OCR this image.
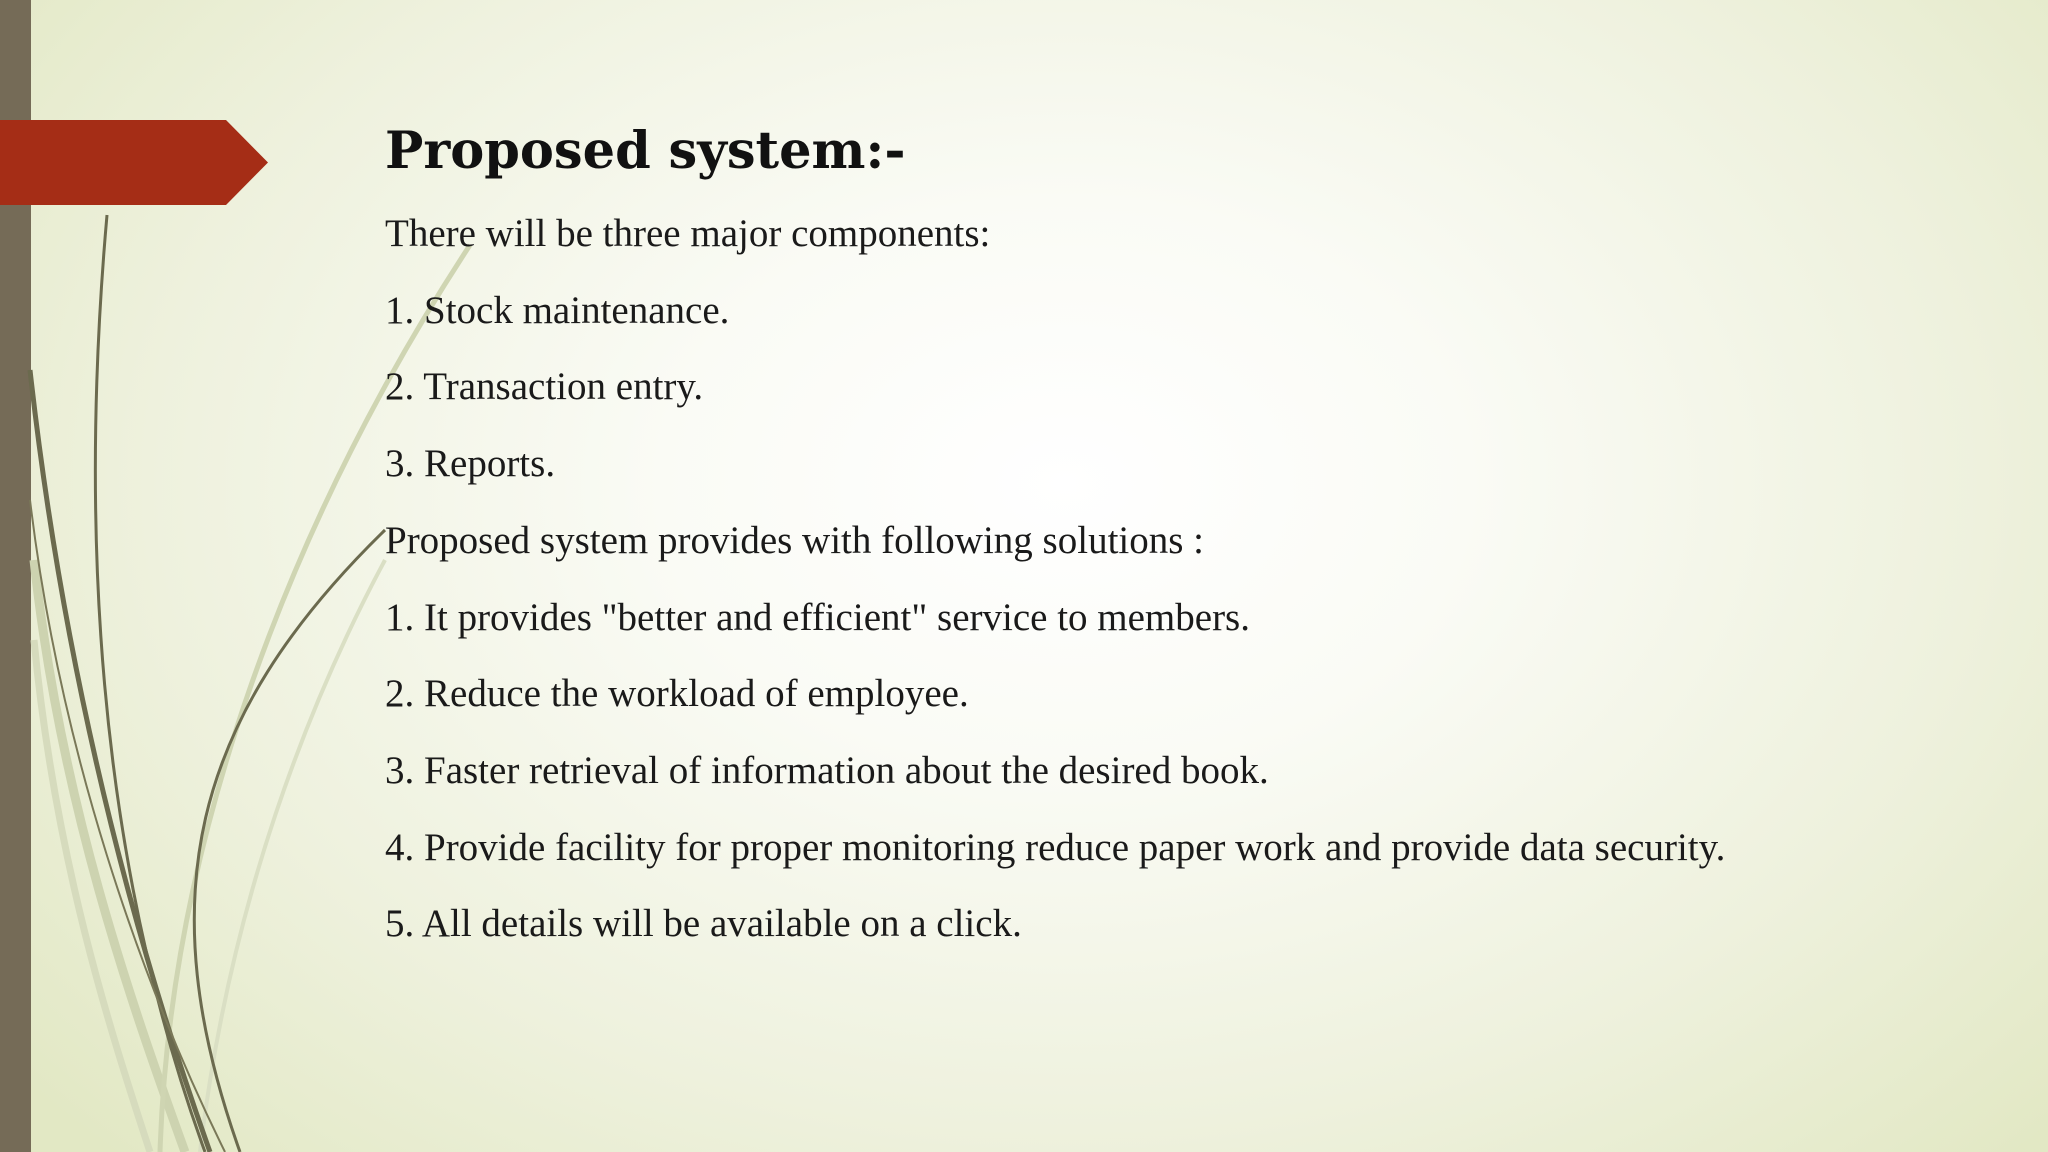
Proposed system:-
There will be three major components:
1. Stock maintenance.
2. Transaction entry.
3. Reports.
Proposed system provides with following solutions :
1. It provides "better and efficient" service to members.
2. Reduce the workload of employee.
3. Faster retrieval of information about the desired book.
4. Provide facility for proper monitoring reduce paper work and provide data security.
5. All details will be available on a click.
